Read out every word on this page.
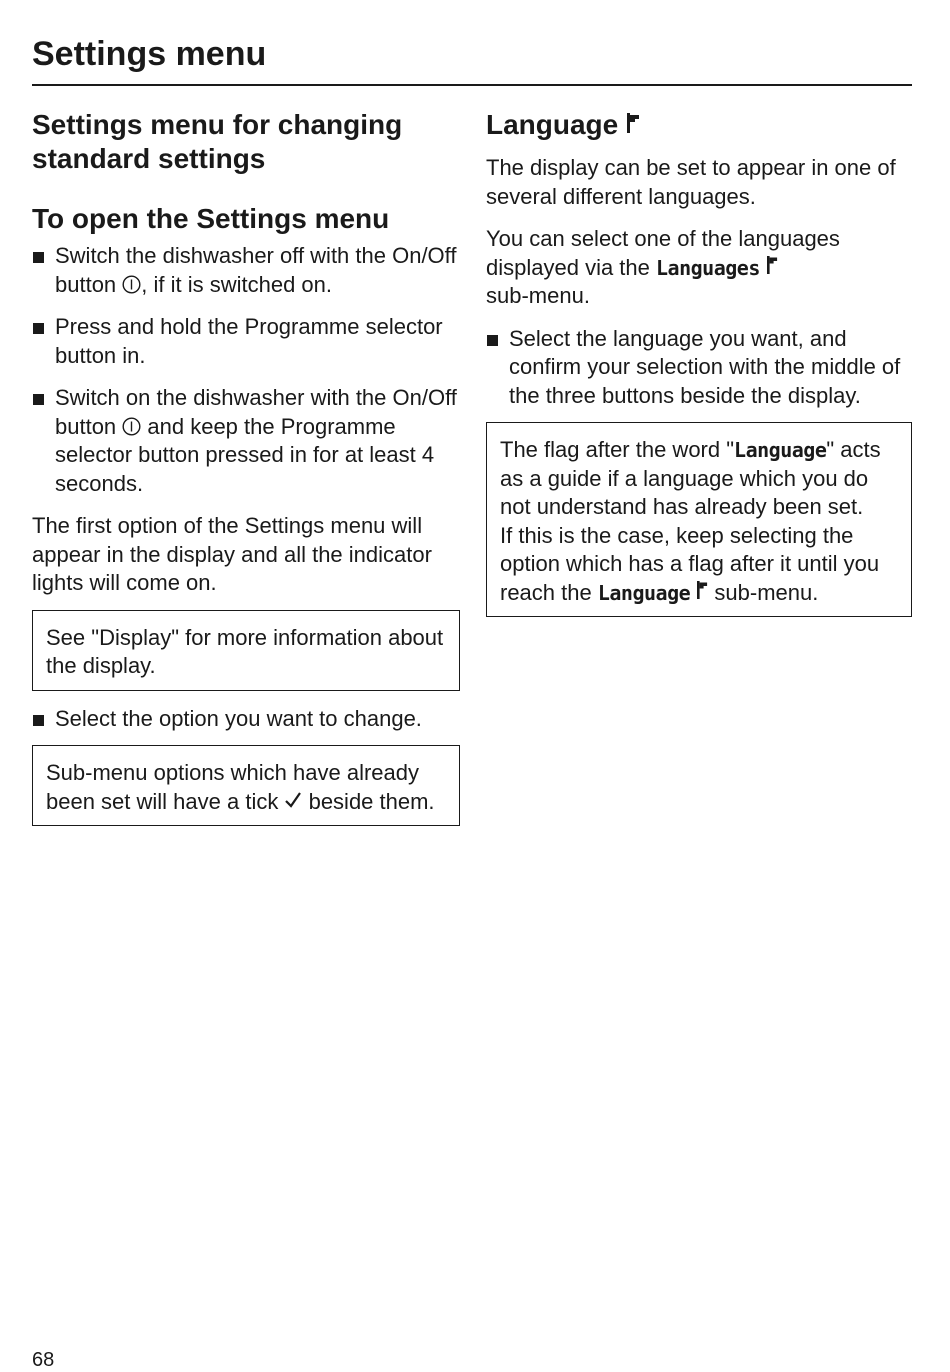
Settings menu
Settings menu for changing standard settings
To open the Settings menu
Switch the dishwasher off with the On/Off button , if it is switched on.
Press and hold the Programme selector button in.
Switch on the dishwasher with the On/Off button  and keep the Programme selector button pressed in for at least 4 seconds.

The first option of the Settings menu will appear in the display and all the indicator lights will come on.

See "Display" for more information about the display.
Select the option you want to change.
Sub-menu options which have already been set will have a tick  beside them.
Language

The display can be set to appear in one of several different languages.

You can select one of the languages displayed via the Languages
sub-menu.

Select the language you want, and confirm your selection with the middle of the three buttons beside the display.
The flag after the word "Language" acts as a guide if a language which you do not understand has already been set.
If this is the case, keep selecting the option which has a flag after it until you reach the Language  sub-menu.
68
